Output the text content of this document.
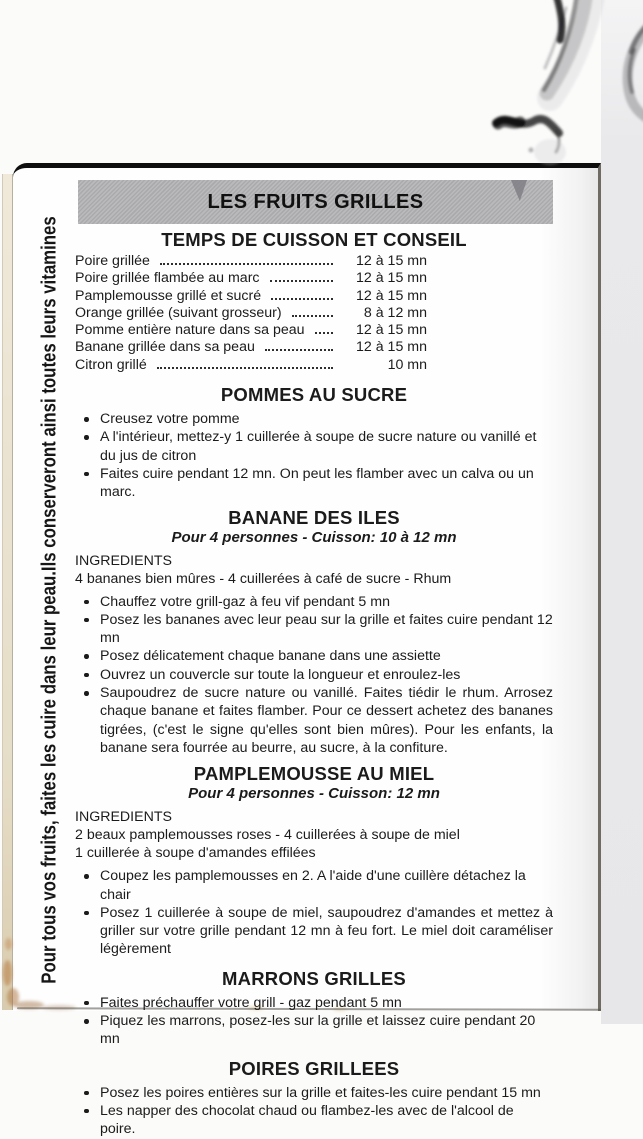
LES FRUITS GRILLES
Pour tous vos fruits, faites les cuire dans leur peau.Ils conserveront ainsi toutes leurs vitamines	TEMPS DE CUISSON ET CONSEIL
Poire grillée	12 à 15 mn
Poire grillée flambée au marc	12 à 15 mn
Pamplemousse grillé et sucré	12 à 15 mn
Orange grillée (suivant grosseur)	8 à 12 mn
Pomme entière nature dans sa peau	12 à 15 mn
Banane grillée dans sa peau	12 à 15 mn
Citron grillé	10 mn
POMMES AU SUCRE
Creusez votre pomme
A l'intérieur, mettez-y 1 cuillerée à soupe de sucre nature ou vanillé et du jus de citron
Faites cuire pendant 12 mn. On peut les flamber avec un calva ou un marc.
BANANE DES ILES
Pour 4 personnes - Cuisson: 10 à 12 mn
INGREDIENTS
4 bananes bien mûres - 4 cuillerées à café de sucre - Rhum
Chauffez votre grill-gaz à feu vif pendant 5 mn
Posez les bananes avec leur peau sur la grille et faites cuire pendant 12 mn
Posez délicatement chaque banane dans une assiette
Ouvrez un couvercle sur toute la longueur et enroulez-les
Saupoudrez de sucre nature ou vanillé. Faites tiédir le rhum. Arrosez chaque banane et faites flamber. Pour ce dessert achetez des bananes tigrées, (c'est le signe qu'elles sont bien mûres). Pour les enfants, la banane sera fourrée au beurre, au sucre, à la confiture.
PAMPLEMOUSSE AU MIEL
Pour 4 personnes - Cuisson: 12 mn
INGREDIENTS
2 beaux pamplemousses roses - 4 cuillerées à soupe de miel
1 cuillerée à soupe d'amandes effilées
Coupez les pamplemousses en 2. A l'aide d'une cuillère détachez la chair
Posez 1 cuillerée à soupe de miel, saupoudrez d'amandes et mettez à griller sur votre grille pendant 12 mn à feu fort. Le miel doit caraméliser légèrement
MARRONS GRILLES
Faites préchauffer votre grill - gaz pendant 5 mn
Piquez les marrons, posez-les sur la grille et laissez cuire pendant 20 mn
POIRES GRILLEES
Posez les poires entières sur la grille et faites-les cuire pendant 15 mn
Les napper des chocolat chaud ou flambez-les avec de l'alcool de poire.
